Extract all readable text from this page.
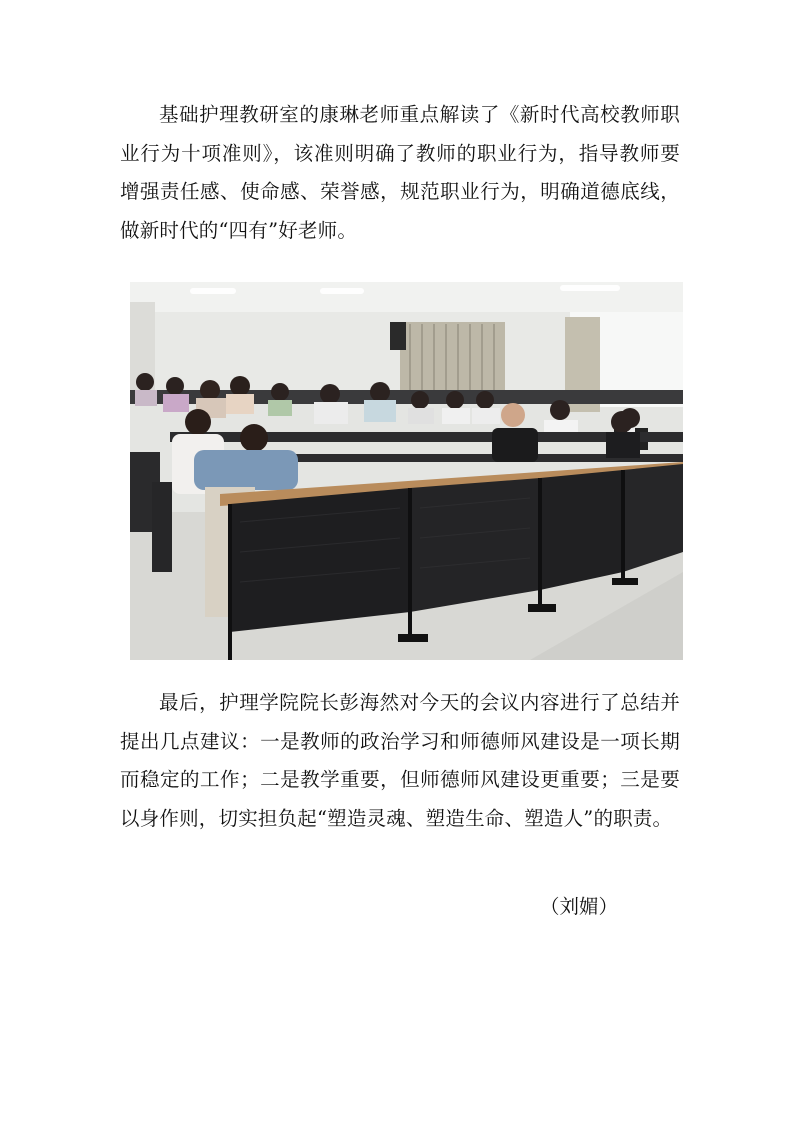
基础护理教研室的康琳老师重点解读了《新时代高校教师职业行为十项准则》，该准则明确了教师的职业行为，指导教师要增强责任感、使命感、荣誉感，规范职业行为，明确道德底线，做新时代的“四有”好老师。

最后，护理学院院长彭海然对今天的会议内容进行了总结并提出几点建议：一是教师的政治学习和师德师风建设是一项长期而稳定的工作；二是教学重要，但师德师风建设更重要；三是要以身作则，切实担负起“塑造灵魂、塑造生命、塑造人”的职责。

（刘媚）
